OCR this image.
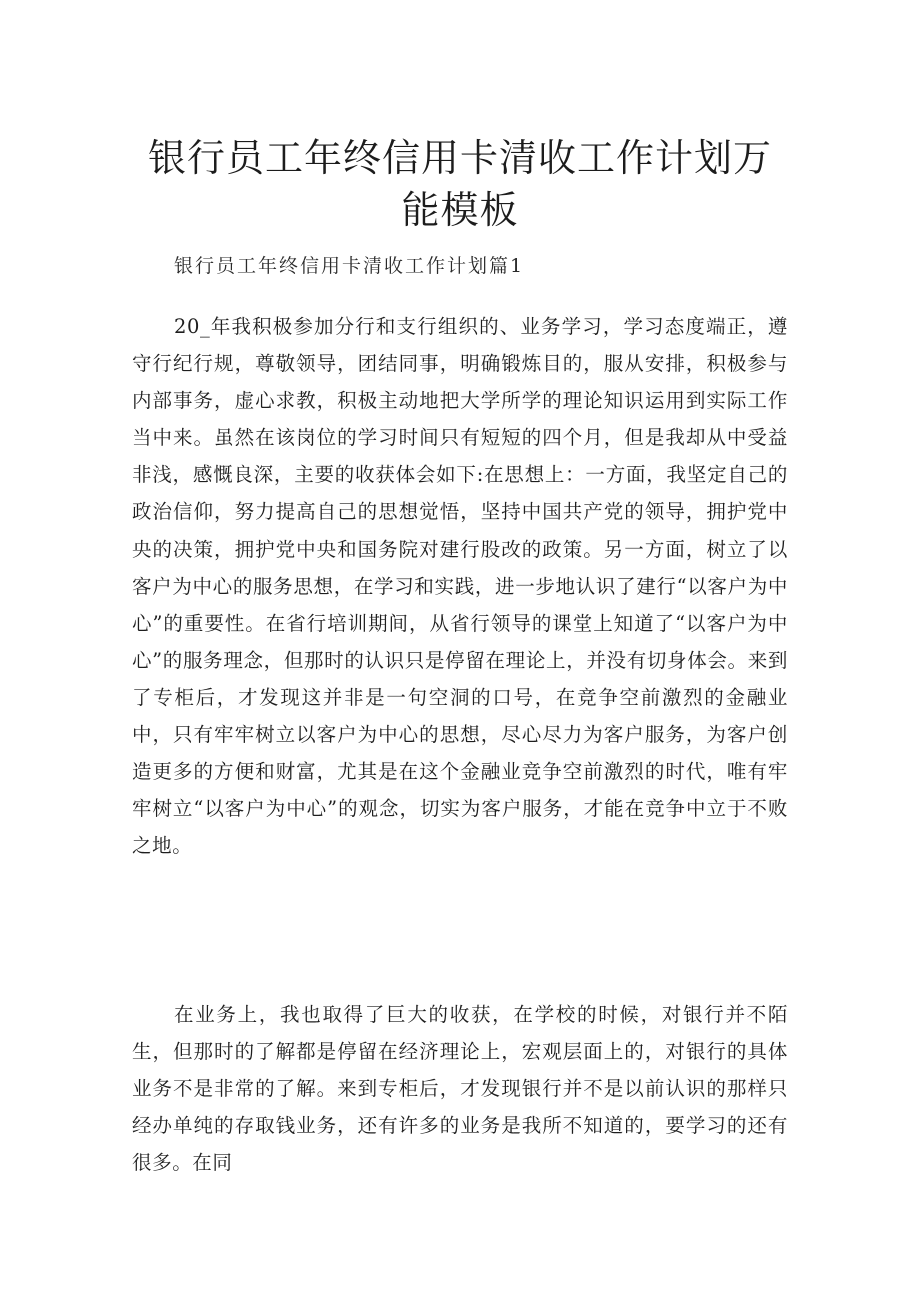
银行员工年终信用卡清收工作计划万能模板

银行员工年终信用卡清收工作计划篇1

20_年我积极参加分行和支行组织的、业务学习，学习态度端正，遵守行纪行规，尊敬领导，团结同事，明确锻炼目的，服从安排，积极参与内部事务，虚心求教，积极主动地把大学所学的理论知识运用到实际工作当中来。虽然在该岗位的学习时间只有短短的四个月，但是我却从中受益非浅，感慨良深，主要的收获体会如下:在思想上：一方面，我坚定自己的政治信仰，努力提高自己的思想觉悟，坚持中国共产党的领导，拥护党中央的决策，拥护党中央和国务院对建行股改的政策。另一方面，树立了以客户为中心的服务思想，在学习和实践，进一步地认识了建行“以客户为中心”的重要性。在省行培训期间，从省行领导的课堂上知道了“以客户为中心”的服务理念，但那时的认识只是停留在理论上，并没有切身体会。来到了专柜后，才发现这并非是一句空洞的口号，在竞争空前激烈的金融业中，只有牢牢树立以客户为中心的思想，尽心尽力为客户服务，为客户创造更多的方便和财富，尤其是在这个金融业竞争空前激烈的时代，唯有牢牢树立“以客户为中心”的观念，切实为客户服务，才能在竞争中立于不败之地。

在业务上，我也取得了巨大的收获，在学校的时候，对银行并不陌生，但那时的了解都是停留在经济理论上，宏观层面上的，对银行的具体业务不是非常的了解。来到专柜后，才发现银行并不是以前认识的那样只经办单纯的存取钱业务，还有许多的业务是我所不知道的，要学习的还有很多。在同
